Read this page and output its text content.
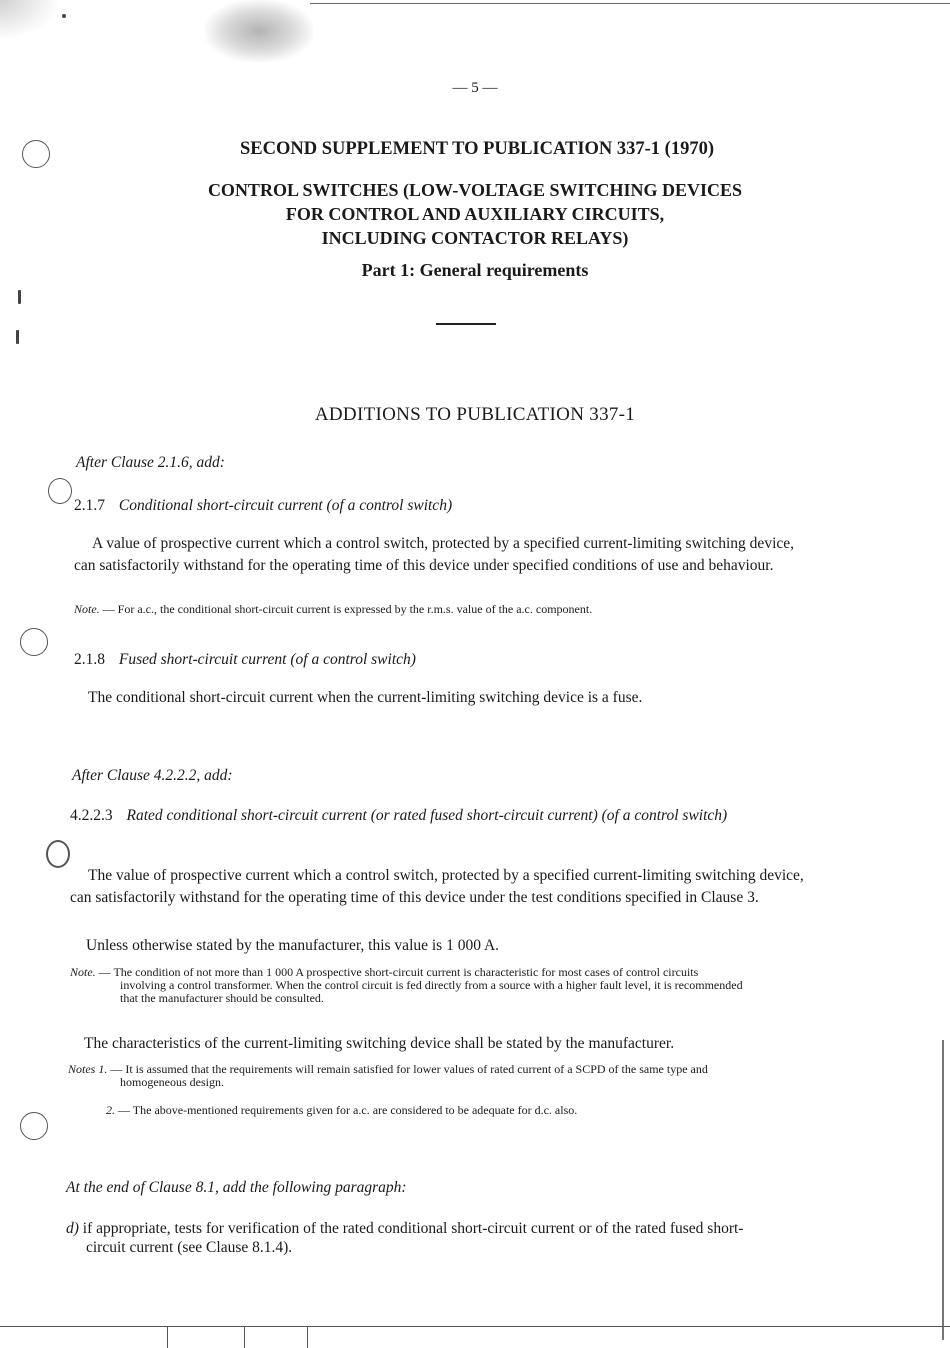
— 5 —
SECOND SUPPLEMENT TO PUBLICATION 337-1 (1970)
CONTROL SWITCHES (LOW-VOLTAGE SWITCHING DEVICES
FOR CONTROL AND AUXILIARY CIRCUITS,
INCLUDING CONTACTOR RELAYS)
Part 1: General requirements
ADDITIONS TO PUBLICATION 337-1
After Clause 2.1.6, add:
2.1.7 Conditional short-circuit current (of a control switch)
A value of prospective current which a control switch, protected by a specified current-limiting switching device,
can satisfactorily withstand for the operating time of this device under specified conditions of use and behaviour.
Note. — For a.c., the conditional short-circuit current is expressed by the r.m.s. value of the a.c. component.
2.1.8 Fused short-circuit current (of a control switch)
The conditional short-circuit current when the current-limiting switching device is a fuse.
After Clause 4.2.2.2, add:
4.2.2.3 Rated conditional short-circuit current (or rated fused short-circuit current) (of a control switch)
The value of prospective current which a control switch, protected by a specified current-limiting switching device,
can satisfactorily withstand for the operating time of this device under the test conditions specified in Clause 3.
Unless otherwise stated by the manufacturer, this value is 1 000 A.
Note. — The condition of not more than 1 000 A prospective short-circuit current is characteristic for most cases of control circuits
involving a control transformer. When the control circuit is fed directly from a source with a higher fault level, it is recommended
that the manufacturer should be consulted.
The characteristics of the current-limiting switching device shall be stated by the manufacturer.
Notes 1. — It is assumed that the requirements will remain satisfied for lower values of rated current of a SCPD of the same type and
homogeneous design.
2. — The above-mentioned requirements given for a.c. are considered to be adequate for d.c. also.
At the end of Clause 8.1, add the following paragraph:
d) if appropriate, tests for verification of the rated conditional short-circuit current or of the rated fused short-
circuit current (see Clause 8.1.4).
